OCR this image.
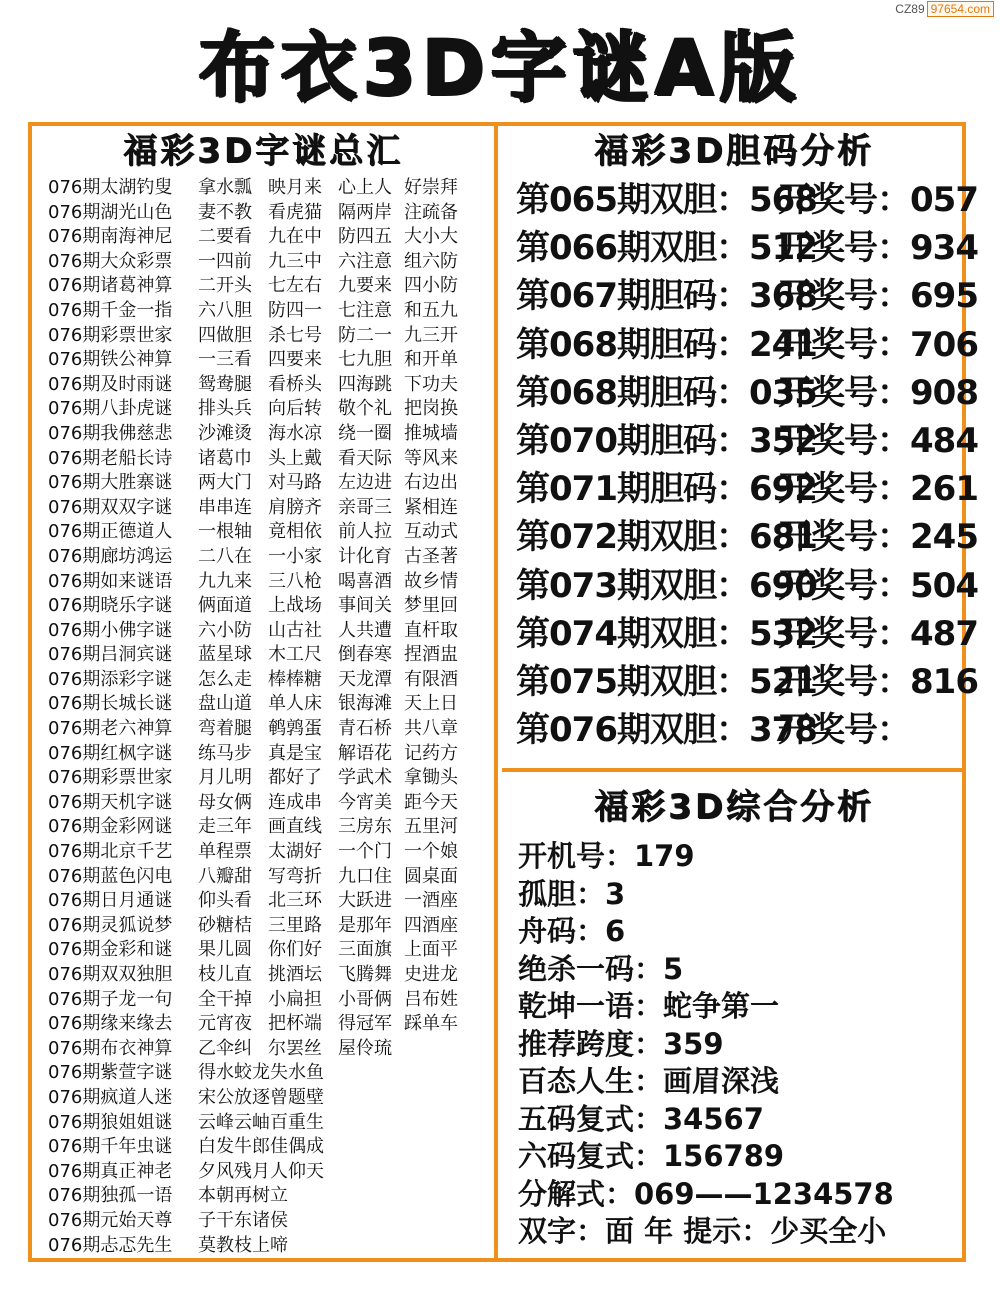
CZ89 97654.com
布衣3D字谜A版
福彩3D字谜总汇
076期太湖钓叟	拿水瓢 映月来 心上人 好崇拜
076期湖光山色	妻不教 看虎猫 隔两岸 注疏备
076期南海神尼	二要看 九在中 防四五 大小大
076期大众彩票	一四前 九三中 六注意 组六防
076期诸葛神算	二开头 七左右 九要来 四小防
076期千金一指	六八胆 防四一 七注意 和五九
076期彩票世家	四做胆 杀七号 防二一 九三开
076期铁公神算	一三看 四要来 七九胆 和开单
076期及时雨谜	鸳鸯腿 看桥头 四海跳 下功夫
076期八卦虎谜	排头兵 向后转 敬个礼 把岗换
076期我佛慈悲	沙滩烫 海水凉 绕一圈 推城墙
076期老船长诗	诸葛巾 头上戴 看天际 等风来
076期大胜寨谜	两大门 对马路 左边进 右边出
076期双双字谜	串串连 肩膀齐 亲哥三 紧相连
076期正德道人	一根轴 竟相依 前人拉 互动式
076期廊坊鸿运	二八在 一小家 计化育 古圣著
076期如来谜语	九九来 三八枪 喝喜酒 故乡情
076期晓乐字谜	俩面道 上战场 事间关 梦里回
076期小佛字谜	六小防 山古社 人共遭 直杆取
076期吕洞宾谜	蓝星球 木工尺 倒春寒 捏酒盅
076期添彩字谜	怎么走 棒棒糖 天龙潭 有限酒
076期长城长谜	盘山道 单人床 银海滩 天上日
076期老六神算	弯着腿 鹌鹑蛋 青石桥 共八章
076期红枫字谜	练马步 真是宝 解语花 记药方
076期彩票世家	月儿明 都好了 学武术 拿锄头
076期天机字谜	母女俩 连成串 今宵美 距今天
076期金彩网谜	走三年 画直线 三房东 五里河
076期北京千艺	单程票 太湖好 一个门 一个娘
076期蓝色闪电	八瓣甜 写弯折 九口住 圆桌面
076期日月通谜	仰头看 北三环 大跃进 一酒座
076期灵狐说梦	砂糖桔 三里路 是那年 四酒座
076期金彩和谜	果儿圆 你们好 三面旗 上面平
076期双双独胆	枝儿直 挑酒坛 飞腾舞 史进龙
076期子龙一句	全干掉 小扁担 小哥俩 吕布姓
076期缘来缘去	元宵夜 把杯端 得冠军 踩单车
076期布衣神算	乙伞纠 尔罢丝 屋伶琉
076期紫萱字谜	得水蛟龙失水鱼
076期疯道人迷	宋公放逐曾题壁
076期狼姐姐谜	云峰云岫百重生
076期千年虫谜	白发牛郎佳偶成
076期真正神老	夕风残月人仰天
076期独孤一语	本朝再树立
076期元始天尊	子干东诸侯
076期忐忑先生	莫教枝上啼
福彩3D胆码分析
第065期双胆：568开奖号：057
第066期双胆：512开奖号：934
第067期胆码：368开奖号：695
第068期胆码：241开奖号：706
第068期胆码：035开奖号：908
第070期胆码：352开奖号：484
第071期胆码：692开奖号：261
第072期双胆：681开奖号：245
第073期双胆：690开奖号：504
第074期双胆：532开奖号：487
第075期双胆：521开奖号：816
第076期双胆：378开奖号：
福彩3D综合分析
开机号：179
孤胆：3
舟码：6
绝杀一码：5
乾坤一语：蛇争第一
推荐跨度：359
百态人生：画眉深浅
五码复式：34567
六码复式：156789
分解式：069——1234578
双字：面 年 提示：少买全小
